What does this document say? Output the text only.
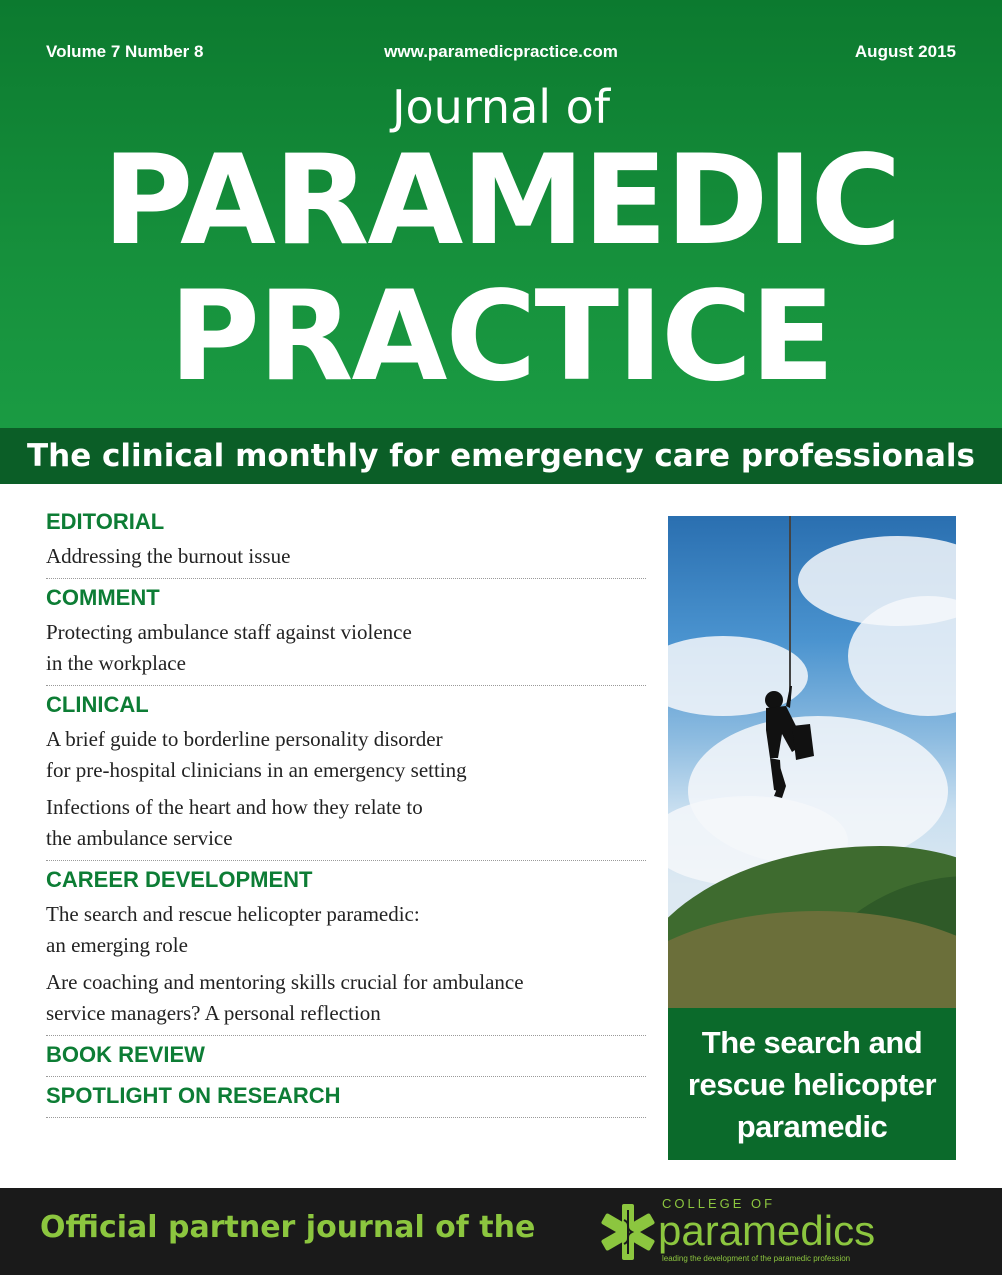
Volume 7 Number 8	www.paramedicpractice.com	August 2015
Journal of
PARAMEDIC
PRACTICE
The clinical monthly for emergency care professionals
EDITORIAL
Addressing the burnout issue
COMMENT
Protecting ambulance staff against violence
in the workplace
CLINICAL
A brief guide to borderline personality disorder
for pre-hospital clinicians in an emergency setting
Infections of the heart and how they relate to
the ambulance service
CAREER DEVELOPMENT
The search and rescue helicopter paramedic:
an emerging role
Are coaching and mentoring skills crucial for ambulance
service managers? A personal reflection
BOOK REVIEW
SPOTLIGHT ON RESEARCH
The search and
rescue helicopter
paramedic
Official partner journal of the
COLLEGE OF
paramedics
leading the development of the paramedic profession
